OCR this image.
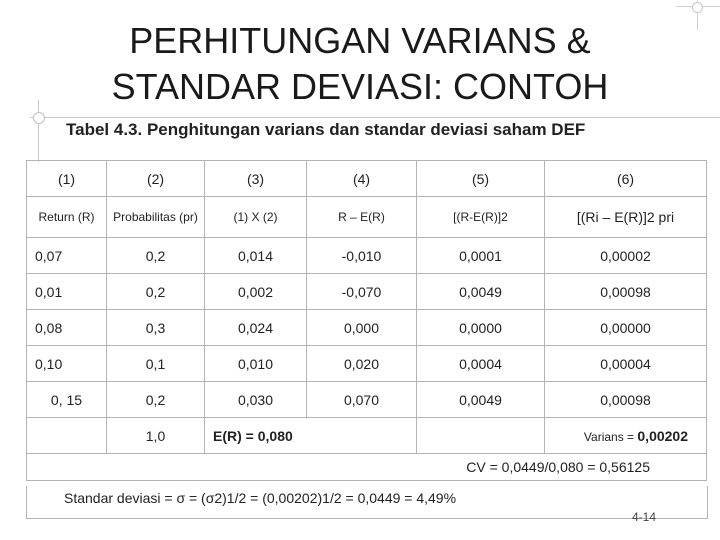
PERHITUNGAN VARIANS &
STANDAR DEVIASI: CONTOH
Tabel 4.3. Penghitungan varians dan standar deviasi saham DEF
(1)	(2)	(3)	(4)	(5)	(6)
Return (R)	Probabilitas (pr)	(1) X (2)	R – E(R)	[(R-E(R)]2	[(Ri – E(R)]2 pri
0,07	0,2	0,014	-0,010	0,0001	0,00002
0,01	0,2	0,002	-0,070	0,0049	0,00098
0,08	0,3	0,024	0,000	0,0000	0,00000
0,10	0,1	0,010	0,020	0,0004	0,00004
0, 15	0,2	0,030	0,070	0,0049	0,00098
	1,0	E(R) = 0,080			Varians = 0,00202
CV = 0,0449/0,080 = 0,56125					
Standar deviasi = σ = (σ2)1/2 = (0,00202)1/2 = 0,0449 = 4,49%
4-14
